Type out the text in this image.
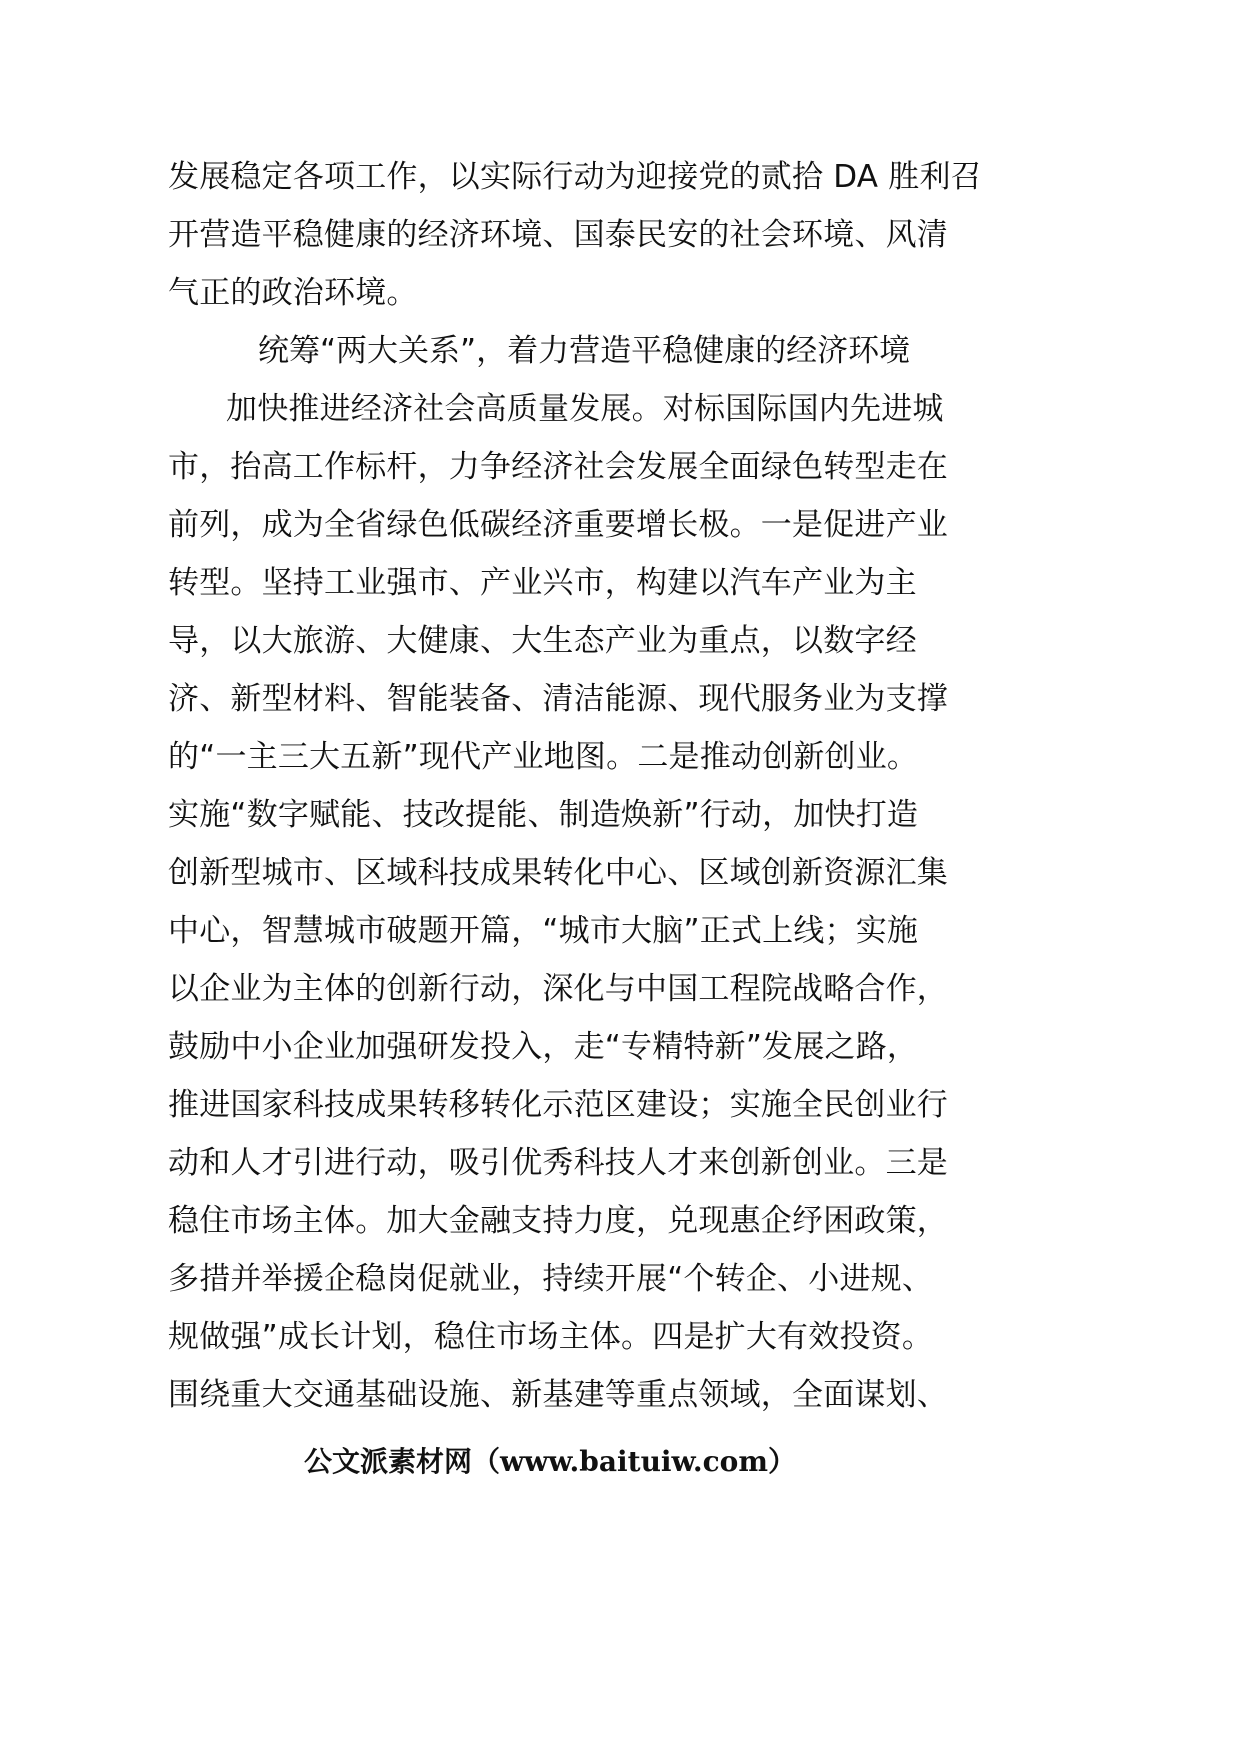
发展稳定各项工作，以实际行动为迎接党的贰拾 DA 胜利召
开营造平稳健康的经济环境、国泰民安的社会环境、风清
气正的政治环境。
统筹“两大关系”，着力营造平稳健康的经济环境
加快推进经济社会高质量发展。对标国际国内先进城
市，抬高工作标杆，力争经济社会发展全面绿色转型走在
前列，成为全省绿色低碳经济重要增长极。一是促进产业
转型。坚持工业强市、产业兴市，构建以汽车产业为主
导，以大旅游、大健康、大生态产业为重点，以数字经
济、新型材料、智能装备、清洁能源、现代服务业为支撑
的“一主三大五新”现代产业地图。二是推动创新创业。
实施“数字赋能、技改提能、制造焕新”行动，加快打造
创新型城市、区域科技成果转化中心、区域创新资源汇集
中心，智慧城市破题开篇，“城市大脑”正式上线；实施
以企业为主体的创新行动，深化与中国工程院战略合作，
鼓励中小企业加强研发投入，走“专精特新”发展之路，
推进国家科技成果转移转化示范区建设；实施全民创业行
动和人才引进行动，吸引优秀科技人才来创新创业。三是
稳住市场主体。加大金融支持力度，兑现惠企纾困政策，
多措并举援企稳岗促就业，持续开展“个转企、小进规、
规做强”成长计划，稳住市场主体。四是扩大有效投资。
围绕重大交通基础设施、新基建等重点领域，全面谋划、
公文派素材网（www.baituiw.com）
